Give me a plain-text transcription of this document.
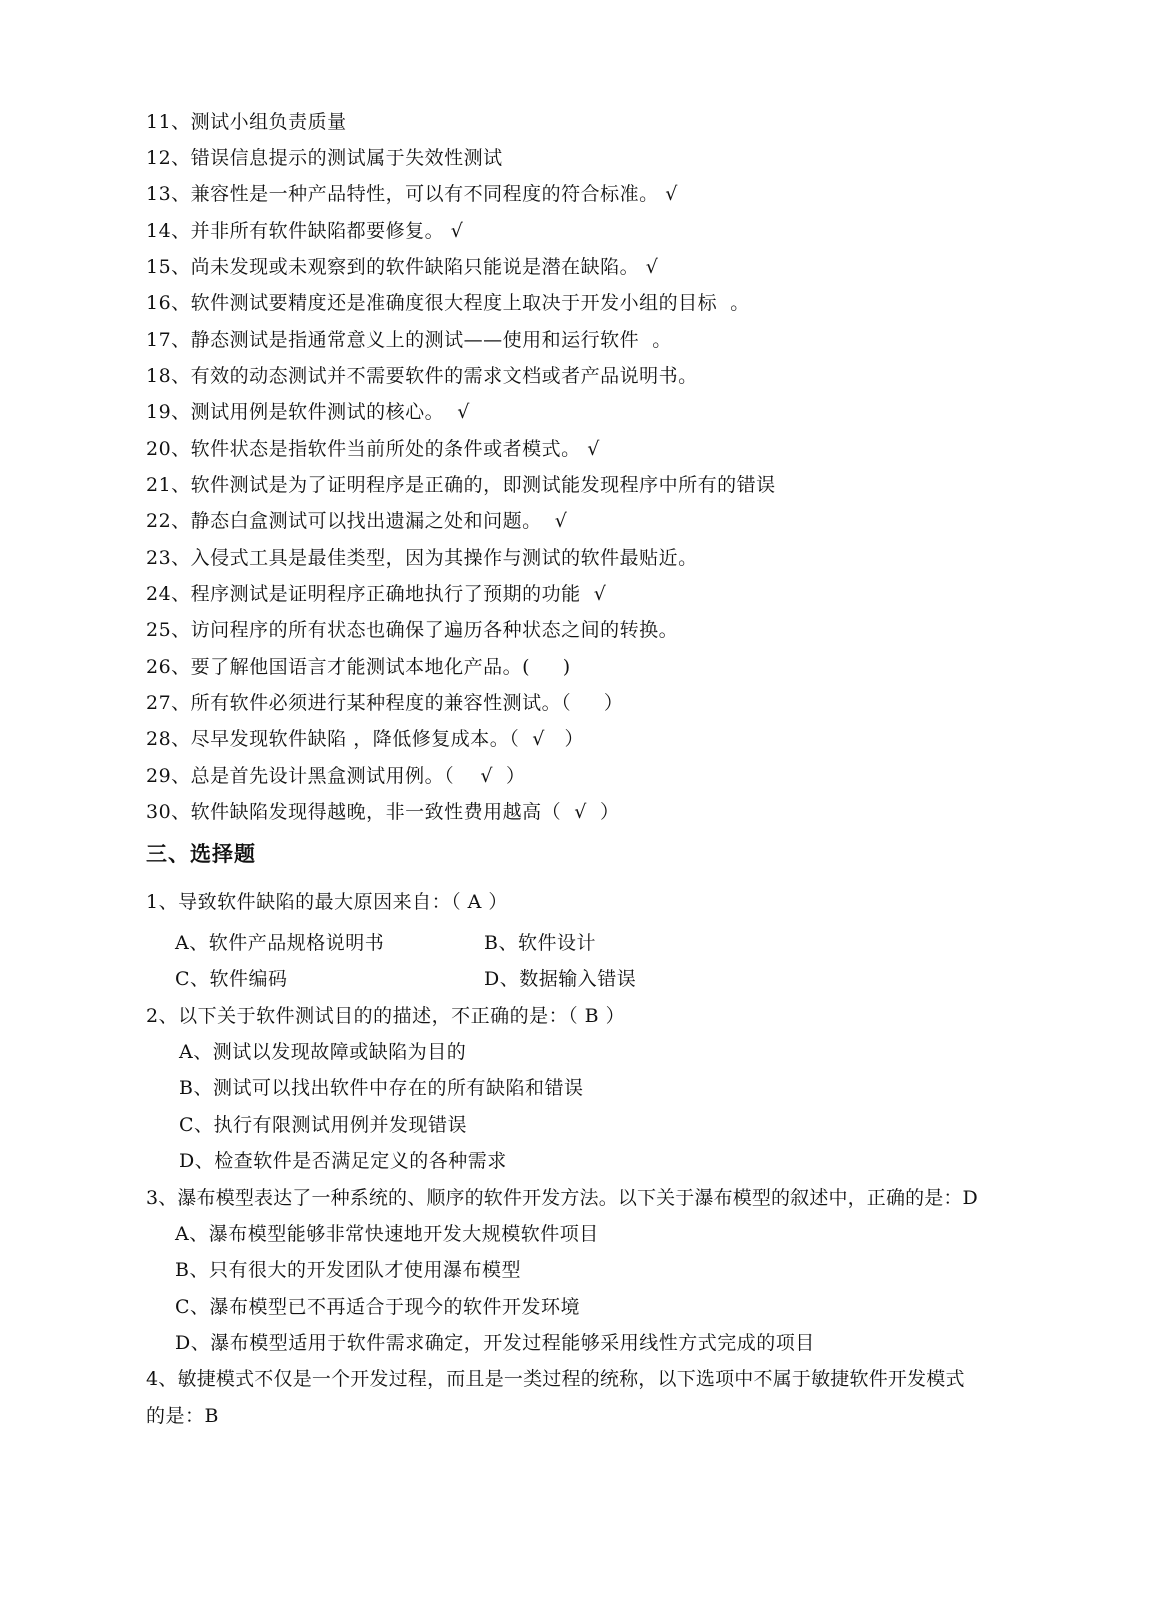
11、测试小组负责质量
12、错误信息提示的测试属于失效性测试
13、兼容性是一种产品特性，可以有不同程度的符合标准。 √
14、并非所有软件缺陷都要修复。 √
15、尚未发现或未观察到的软件缺陷只能说是潜在缺陷。 √
16、软件测试要精度还是准确度很大程度上取决于开发小组的目标  。
17、静态测试是指通常意义上的测试——使用和运行软件  。
18、有效的动态测试并不需要软件的需求文档或者产品说明书。
19、测试用例是软件测试的核心。  √
20、软件状态是指软件当前所处的条件或者模式。 √
21、软件测试是为了证明程序是正确的，即测试能发现程序中所有的错误
22、静态白盒测试可以找出遗漏之处和问题。  √
23、入侵式工具是最佳类型，因为其操作与测试的软件最贴近。
24、程序测试是证明程序正确地执行了预期的功能  √
25、访问程序的所有状态也确保了遍历各种状态之间的转换。
26、要了解他国语言才能测试本地化产品。(     )
27、所有软件必须进行某种程度的兼容性测试。（     ）
28、尽早发现软件缺陷 ，降低修复成本。（  √   ）
29、总是首先设计黑盒测试用例。（    √  ）
30、软件缺陷发现得越晚，非一致性费用越高（  √  ）
三、选择题
1、导致软件缺陷的最大原因来自：（ A ）
A、软件产品规格说明书	B、软件设计
C、软件编码	D、数据输入错误
2、以下关于软件测试目的的描述，不正确的是：（ B ）
A、测试以发现故障或缺陷为目的
B、测试可以找出软件中存在的所有缺陷和错误
C、执行有限测试用例并发现错误
D、检查软件是否满足定义的各种需求
3、瀑布模型表达了一种系统的、顺序的软件开发方法。以下关于瀑布模型的叙述中，正确的是：D
A、瀑布模型能够非常快速地开发大规模软件项目
B、只有很大的开发团队才使用瀑布模型
C、瀑布模型已不再适合于现今的软件开发环境
D、瀑布模型适用于软件需求确定，开发过程能够采用线性方式完成的项目
4、敏捷模式不仅是一个开发过程，而且是一类过程的统称，以下选项中不属于敏捷软件开发模式
的是：B
